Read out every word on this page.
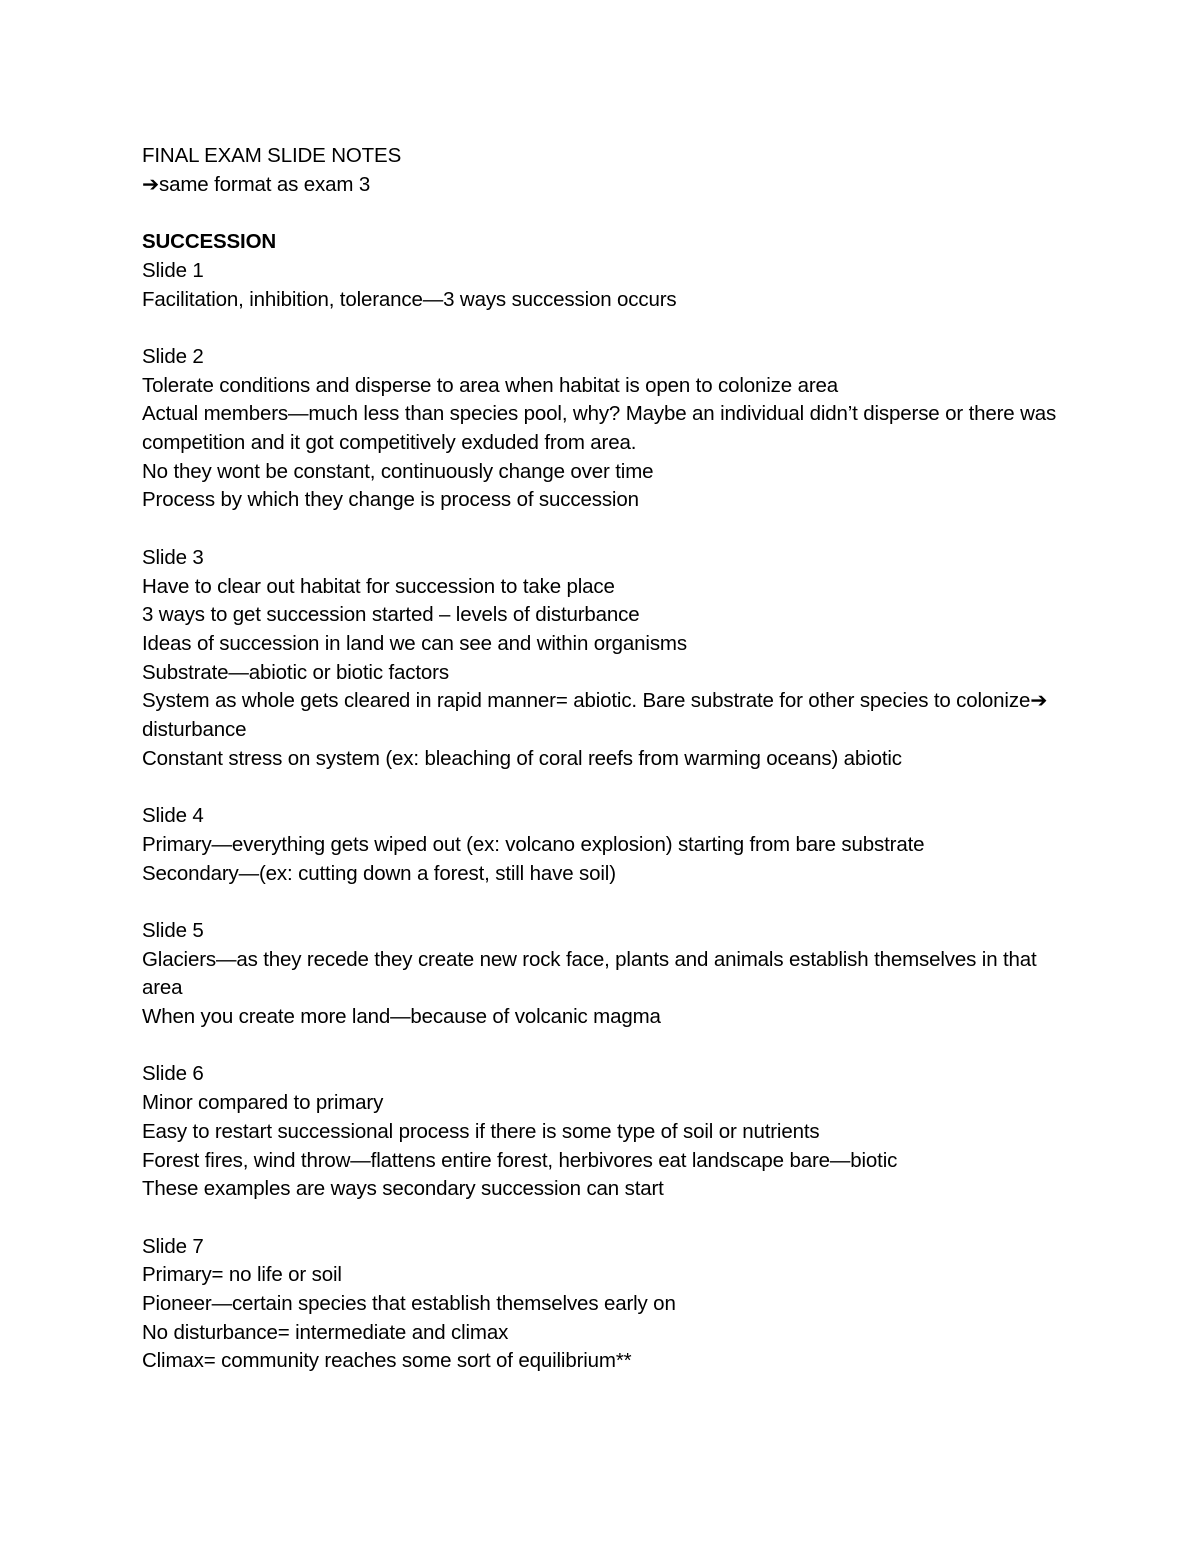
FINAL EXAM SLIDE NOTES
➔same format as exam 3
SUCCESSION
Slide 1
Facilitation, inhibition, tolerance—3 ways succession occurs
Slide 2
Tolerate conditions and disperse to area when habitat is open to colonize area
Actual members—much less than species pool, why? Maybe an individual didn’t disperse or there was competition and it got competitively exduded from area.
No they wont be constant, continuously change over time
Process by which they change is process of succession
Slide 3
Have to clear out habitat for succession to take place
3 ways to get succession started – levels of disturbance
Ideas of succession in land we can see and within organisms
Substrate—abiotic or biotic factors
System as whole gets cleared in rapid manner= abiotic. Bare substrate for other species to colonize➔ disturbance
Constant stress on system (ex: bleaching of coral reefs from warming oceans) abiotic
Slide 4
Primary—everything gets wiped out (ex: volcano explosion) starting from bare substrate
Secondary—(ex: cutting down a forest, still have soil)
Slide 5
Glaciers—as they recede they create new rock face, plants and animals establish themselves in that area
When you create more land—because of volcanic magma
Slide 6
Minor compared to primary
Easy to restart successional process if there is some type of soil or nutrients
Forest fires, wind throw—flattens entire forest, herbivores eat landscape bare—biotic
These examples are ways secondary succession can start
Slide 7
Primary= no life or soil
Pioneer—certain species that establish themselves early on
No disturbance= intermediate and climax
Climax= community reaches some sort of equilibrium**
